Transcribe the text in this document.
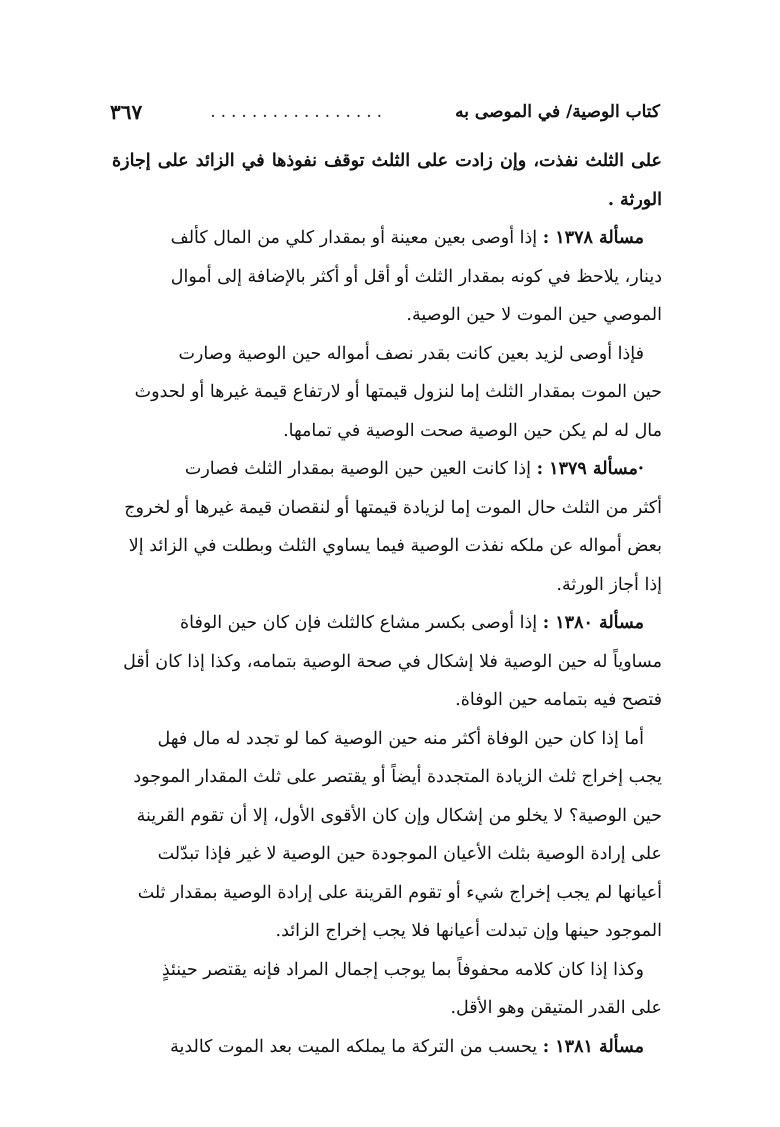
كتاب الوصية/ في الموصى به
.................
٣٦٧

على الثلث نفذت، وإن زادت على الثلث توقف نفوذها في الزائد على إجازة الورثة .

مسألة ١٣٧٨ : إذا أوصى بعين معينة أو بمقدار كلي من المال كألف
دينار، يلاحظ في كونه بمقدار الثلث أو أقل أو أكثر بالإضافة إلى أموال
الموصي حين الموت لا حين الوصية.

فإذا أوصى لزيد بعين كانت بقدر نصف أمواله حين الوصية وصارت
حين الموت بمقدار الثلث إما لنزول قيمتها أو لارتفاع قيمة غيرها أو لحدوث
مال له لم يكن حين الوصية صحت الوصية في تمامها.

·مسألة ١٣٧٩ : إذا كانت العين حين الوصية بمقدار الثلث فصارت
أكثر من الثلث حال الموت إما لزيادة قيمتها أو لنقصان قيمة غيرها أو لخروج
بعض أمواله عن ملكه نفذت الوصية فيما يساوي الثلث وبطلت في الزائد إلا
إذا أجاز الورثة.

مسألة ١٣٨٠ : إذا أوصى بكسر مشاع كالثلث فإن كان حين الوفاة
مساوياً له حين الوصية فلا إشكال في صحة الوصية بتمامه، وكذا إذا كان أقل
فتصح فيه بتمامه حين الوفاة.

أما إذا كان حين الوفاة أكثر منه حين الوصية كما لو تجدد له مال فهل
يجب إخراج ثلث الزيادة المتجددة أيضاً أو يقتصر على ثلث المقدار الموجود
حين الوصية؟ لا يخلو من إشكال وإن كان الأقوى الأول، إلا أن تقوم القرينة
على إرادة الوصية بثلث الأعيان الموجودة حين الوصية لا غير فإذا تبدّلت
أعيانها لم يجب إخراج شيء أو تقوم القرينة على إرادة الوصية بمقدار ثلث
الموجود حينها وإن تبدلت أعيانها فلا يجب إخراج الزائد.

وكذا إذا كان كلامه محفوفاً بما يوجب إجمال المراد فإنه يقتصر حينئذٍ
على القدر المتيقن وهو الأقل.

مسألة ١٣٨١ : يحسب من التركة ما يملكه الميت بعد الموت كالدية
